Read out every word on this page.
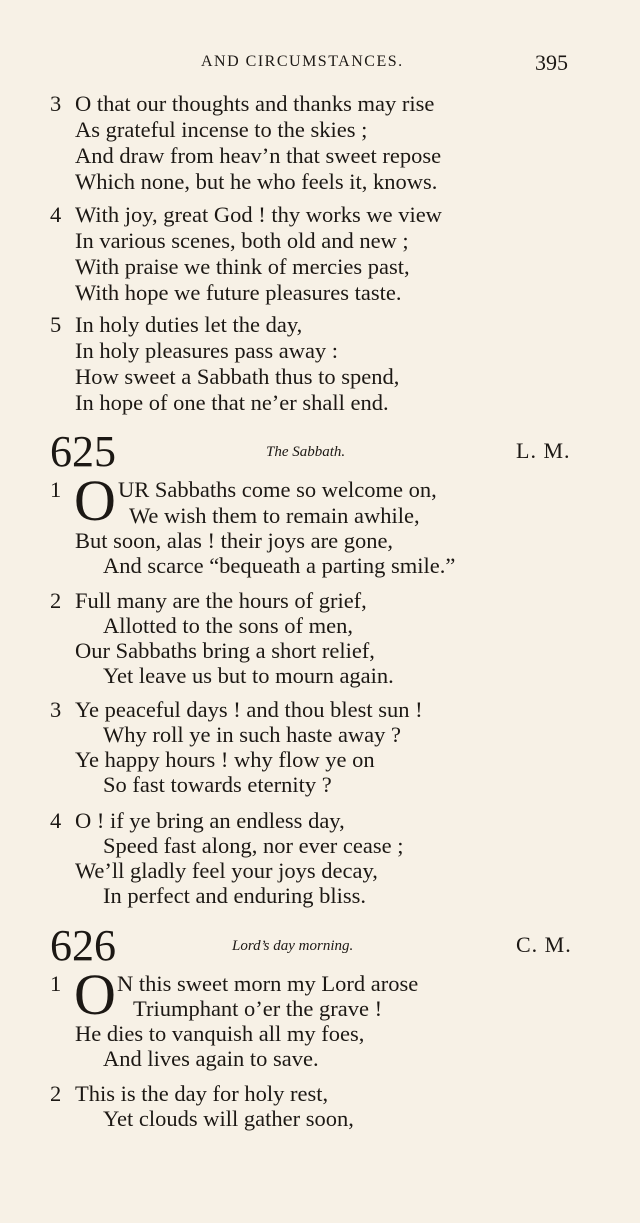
AND CIRCUMSTANCES.	395
3 O that our thoughts and thanks may rise
As grateful incense to the skies ;
And draw from heav’n that sweet repose
Which none, but he who feels it, knows.
4 With joy, great God ! thy works we view
In various scenes, both old and new ;
With praise we think of mercies past,
With hope we future pleasures taste.
5 In holy duties let the day,
In holy pleasures pass away :
How sweet a Sabbath thus to spend,
In hope of one that ne’er shall end.
625	The Sabbath.	L. M.
1 O UR Sabbaths come so welcome on,
We wish them to remain awhile,
But soon, alas ! their joys are gone,
And scarce “bequeath a parting smile.”
2 Full many are the hours of grief,
Allotted to the sons of men,
Our Sabbaths bring a short relief,
Yet leave us but to mourn again.
3 Ye peaceful days ! and thou blest sun !
Why roll ye in such haste away ?
Ye happy hours ! why flow ye on
So fast towards eternity ?
4 O ! if ye bring an endless day,
Speed fast along, nor ever cease ;
We’ll gladly feel your joys decay,
In perfect and enduring bliss.
626	Lord’s day morning.	C. M.
1 O N this sweet morn my Lord arose
Triumphant o’er the grave !
He dies to vanquish all my foes,
And lives again to save.
2 This is the day for holy rest,
Yet clouds will gather soon,
